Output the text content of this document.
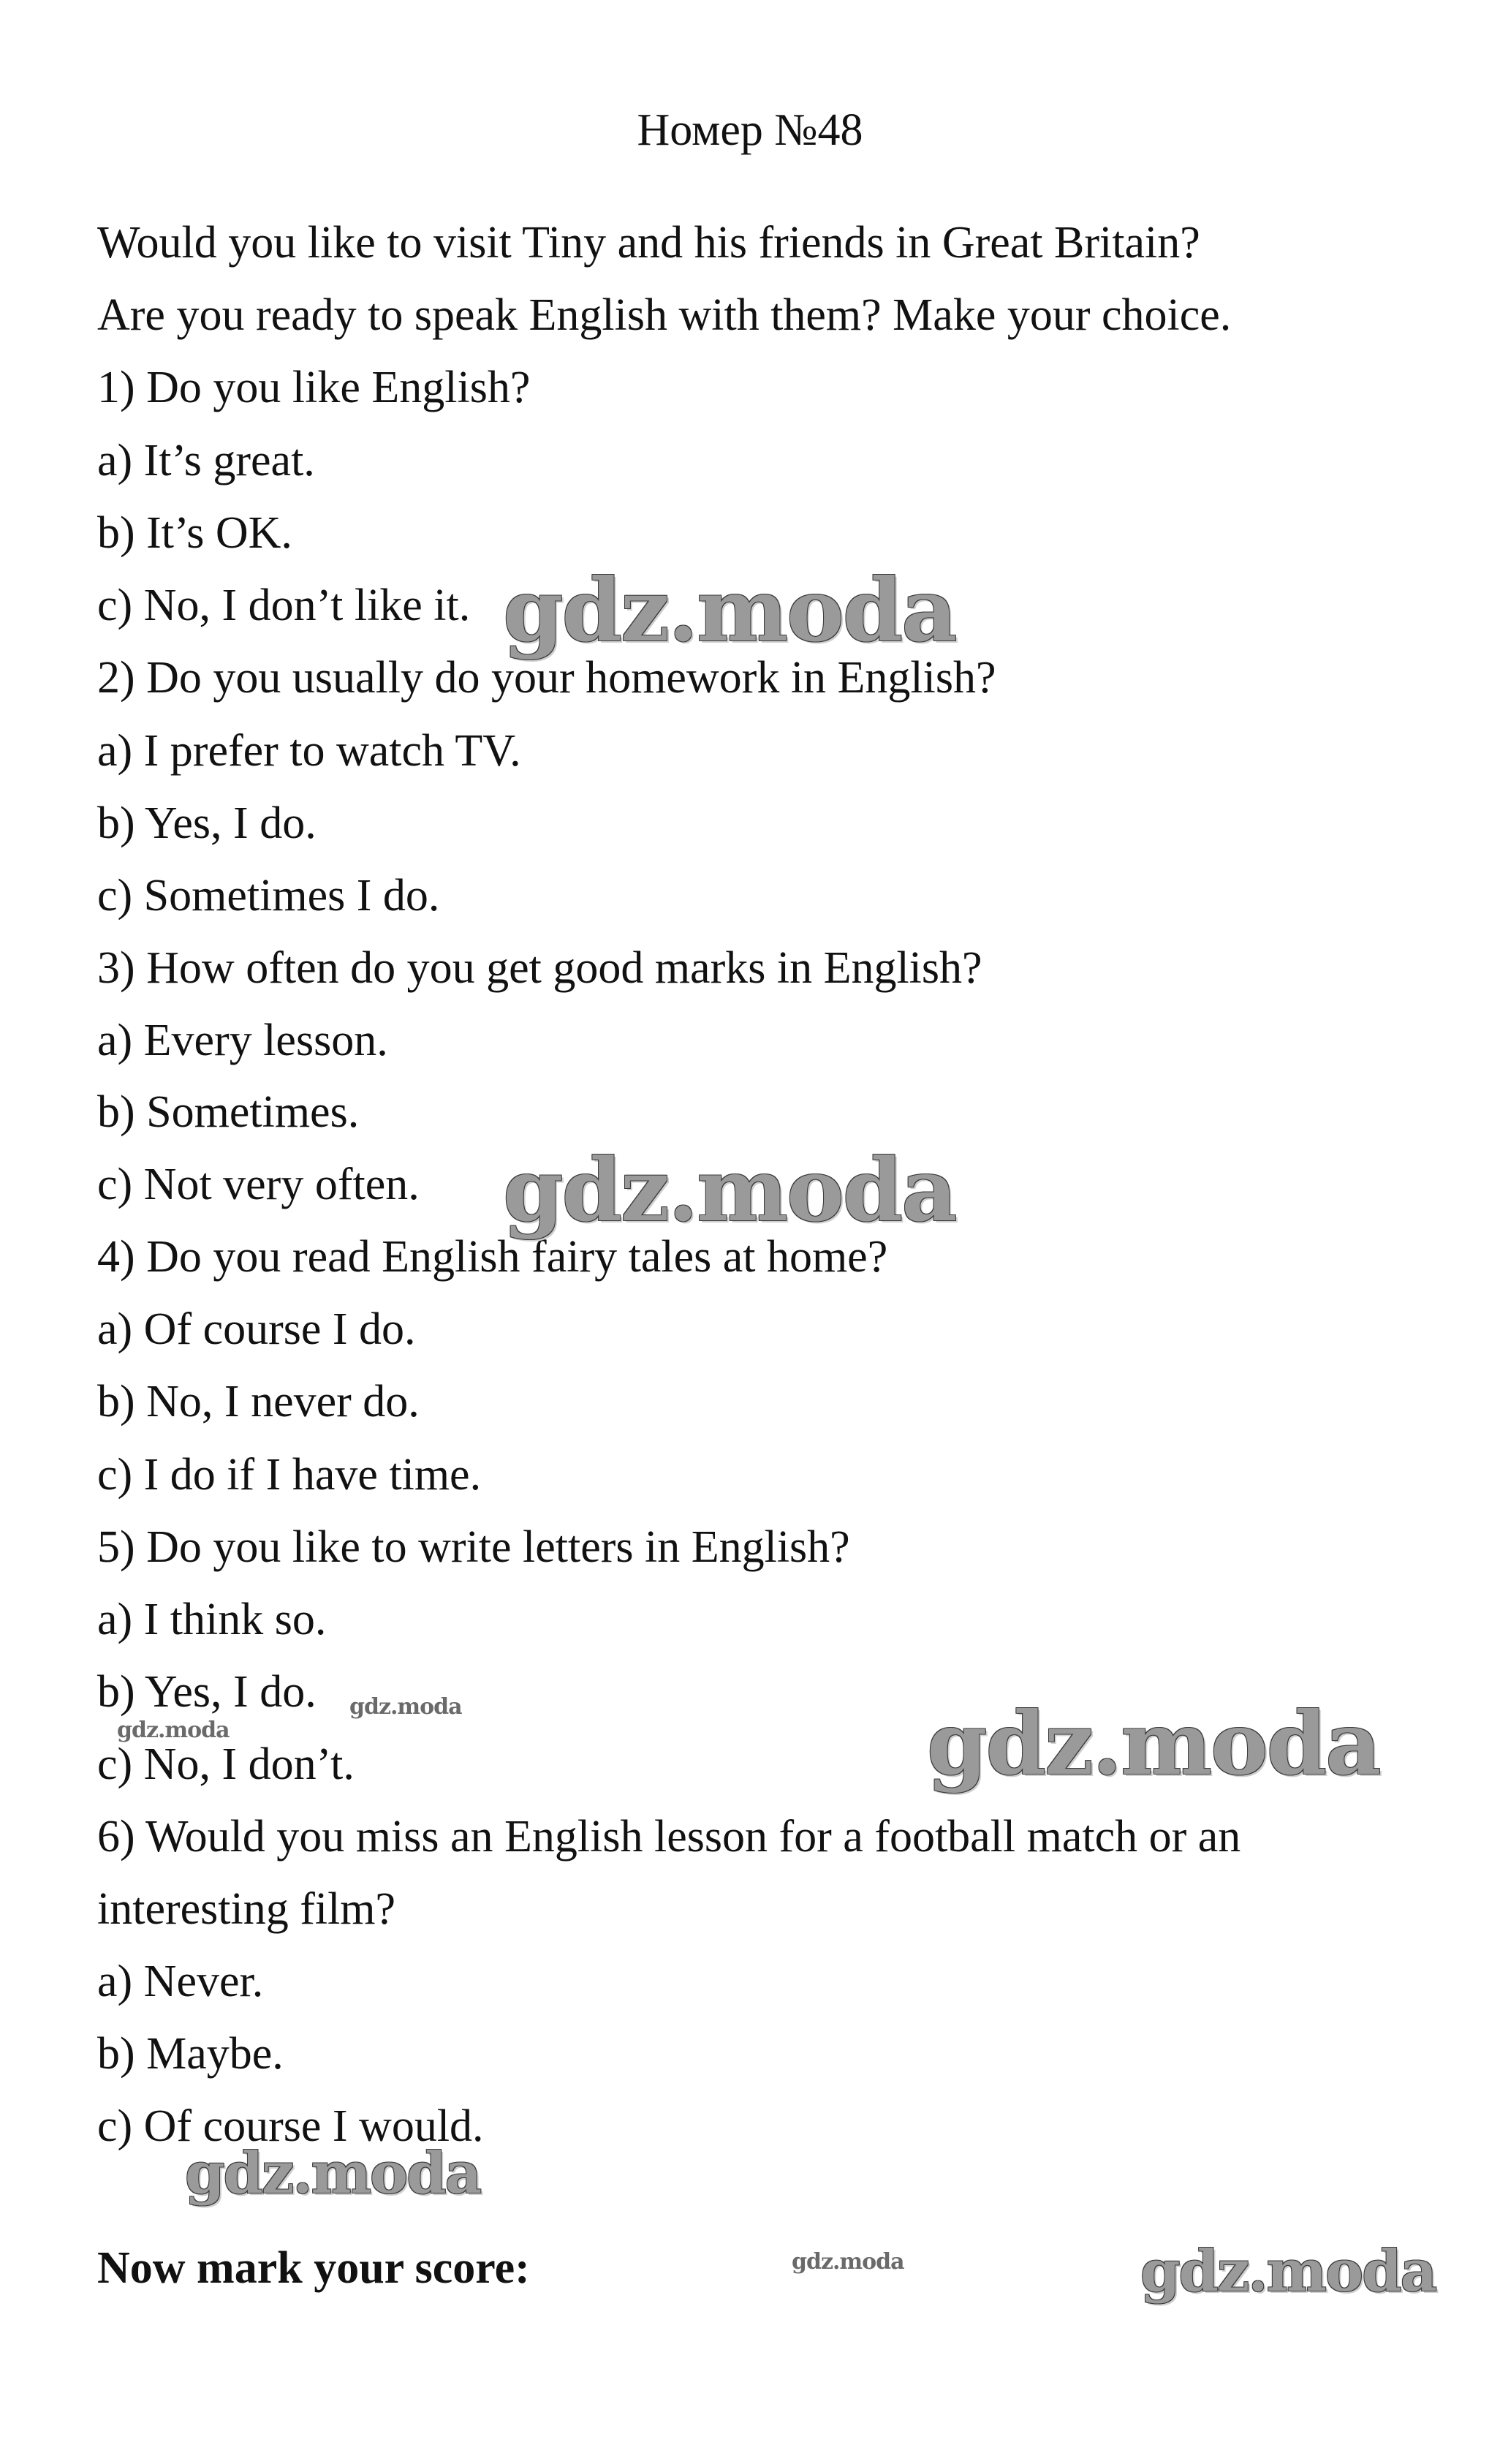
Номер №48
Would you like to visit Tiny and his friends in Great Britain?
Are you ready to speak English with them? Make your choice.
1) Do you like English?
a) It’s great.
b) It’s OK.
c) No, I don’t like it.
2) Do you usually do your homework in English?
a) I prefer to watch TV.
b) Yes, I do.
c) Sometimes I do.
3) How often do you get good marks in English?
a) Every lesson.
b) Sometimes.
c) Not very often.
4) Do you read English fairy tales at home?
a) Of course I do.
b) No, I never do.
c) I do if I have time.
5) Do you like to write letters in English?
a) I think so.
b) Yes, I do.
c) No, I don’t.
6) Would you miss an English lesson for a football match or an
interesting film?
a) Never.
b) Maybe.
c) Of course I would.
Now mark your score:
gdz.moda
gdz.moda
gdz.moda
gdz.moda
gdz.moda
gdz.moda
gdz.moda
gdz.moda
